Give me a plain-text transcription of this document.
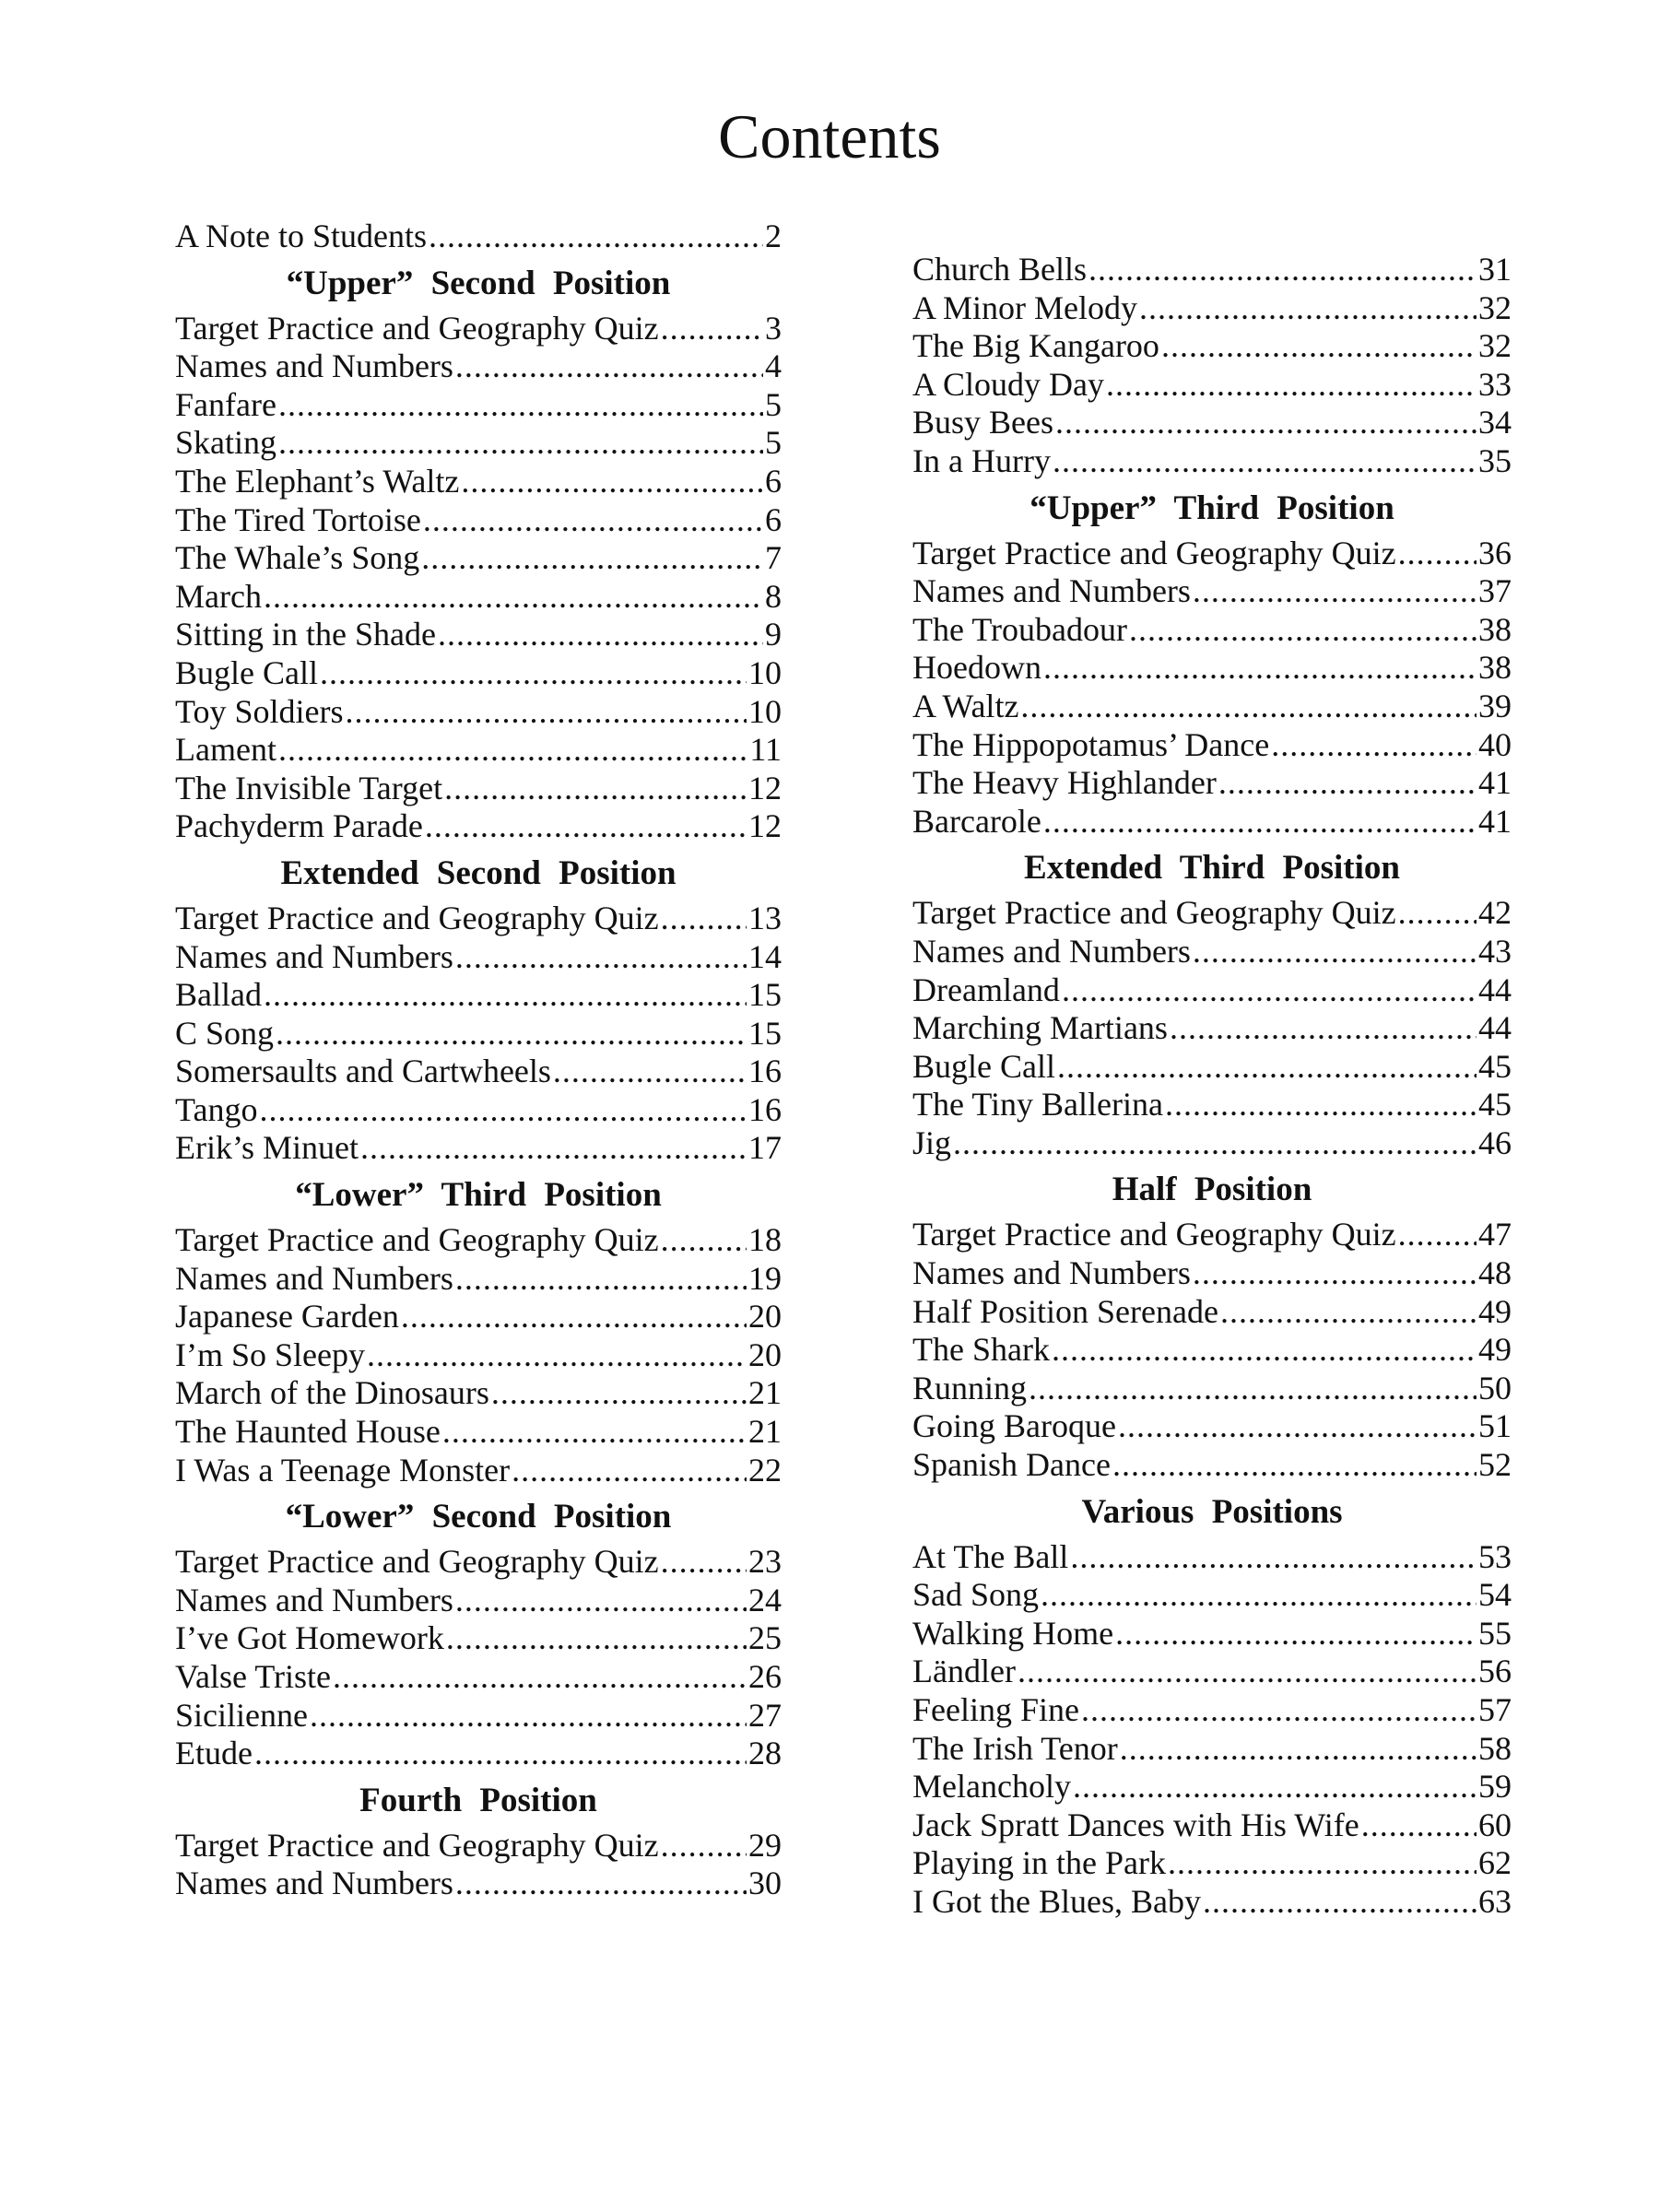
Contents
A Note to Students .....	2
“Upper” Second Position
Target Practice and Geography Quiz .....	3
Names and Numbers .....	4
Fanfare .....	5
Skating .....	5
The Elephant’s Waltz .....	6
The Tired Tortoise .....	6
The Whale’s Song .....	7
March .....	8
Sitting in the Shade .....	9
Bugle Call .....	10
Toy Soldiers .....	10
Lament .....	11
The Invisible Target .....	12
Pachyderm Parade .....	12
Extended Second Position
Target Practice and Geography Quiz .....	13
Names and Numbers .....	14
Ballad .....	15
C Song .....	15
Somersaults and Cartwheels .....	16
Tango .....	16
Erik’s Minuet .....	17
“Lower” Third Position
Target Practice and Geography Quiz .....	18
Names and Numbers .....	19
Japanese Garden .....	20
I’m So Sleepy .....	20
March of the Dinosaurs .....	21
The Haunted House .....	21
I Was a Teenage Monster .....	22
“Lower” Second Position
Target Practice and Geography Quiz .....	23
Names and Numbers .....	24
I’ve Got Homework .....	25
Valse Triste .....	26
Sicilienne .....	27
Etude .....	28
Fourth Position
Target Practice and Geography Quiz .....	29
Names and Numbers .....	30
Church Bells .....	31
A Minor Melody .....	32
The Big Kangaroo .....	32
A Cloudy Day .....	33
Busy Bees .....	34
In a Hurry .....	35
“Upper” Third Position
Target Practice and Geography Quiz ..... 36
Names and Numbers .....	37
The Troubadour .....	38
Hoedown .....	38
A Waltz .....	39
The Hippopotamus’ Dance .....	40
The Heavy Highlander .....	41
Barcarole .....	41
Extended Third Position
Target Practice and Geography Quiz ..... 42
Names and Numbers .....	43
Dreamland .....	44
Marching Martians .....	44
Bugle Call .....	45
The Tiny Ballerina .....	45
Jig .....	46
Half Position
Target Practice and Geography Quiz ..... 47
Names and Numbers .....	48
Half Position Serenade .....	49
The Shark .....	49
Running .....	50
Going Baroque .....	51
Spanish Dance .....	52
Various Positions
At The Ball .....	53
Sad Song .....	54
Walking Home .....	55
Ländler .....	56
Feeling Fine .....	57
The Irish Tenor .....	58
Melancholy .....	59
Jack Spratt Dances with His Wife .....	60
Playing in the Park .....	62
I Got the Blues, Baby .....	63
